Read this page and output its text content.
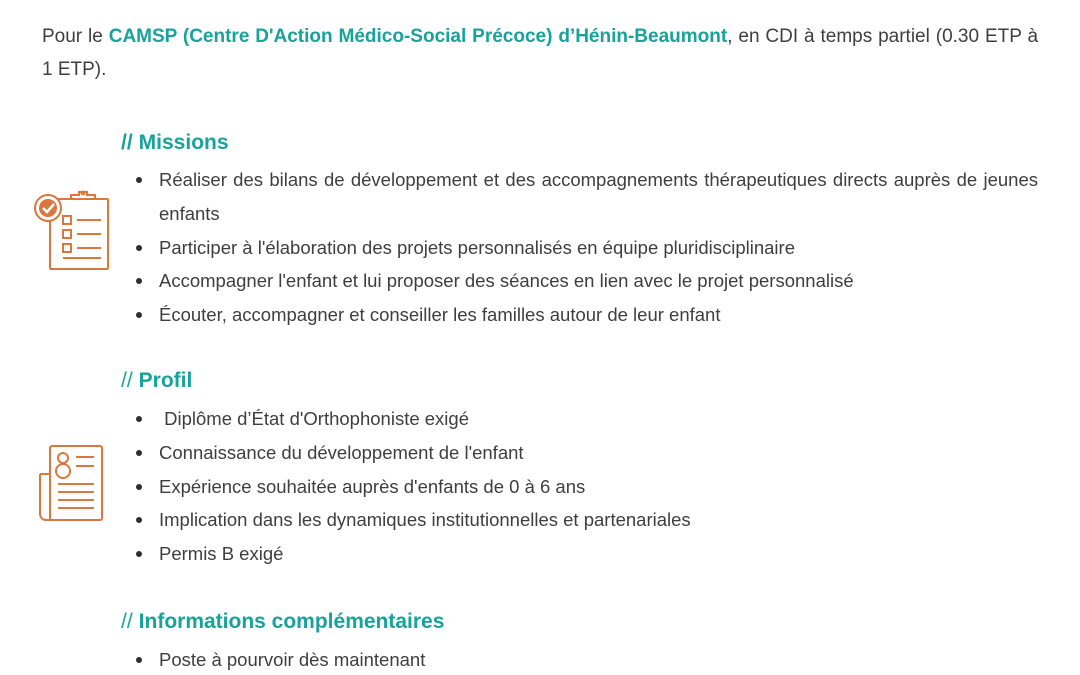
Pour le CAMSP (Centre D'Action Médico-Social Précoce) d’Hénin-Beaumont, en CDI à temps partiel (0.30 ETP à 1 ETP).

// Missions
Réaliser des bilans de développement et des accompagnements thérapeutiques directs auprès de jeunes enfants
Participer à l'élaboration des projets personnalisés en équipe pluridisciplinaire
Accompagner l'enfant et lui proposer des séances en lien avec le projet personnalisé
Écouter, accompagner et conseiller les familles autour de leur enfant
// Profil
Diplôme d’État d'Orthophoniste exigé
Connaissance du développement de l'enfant
Expérience souhaitée auprès d'enfants de 0 à 6 ans
Implication dans les dynamiques institutionnelles et partenariales
Permis B exigé
// Informations complémentaires
Poste à pourvoir dès maintenant
